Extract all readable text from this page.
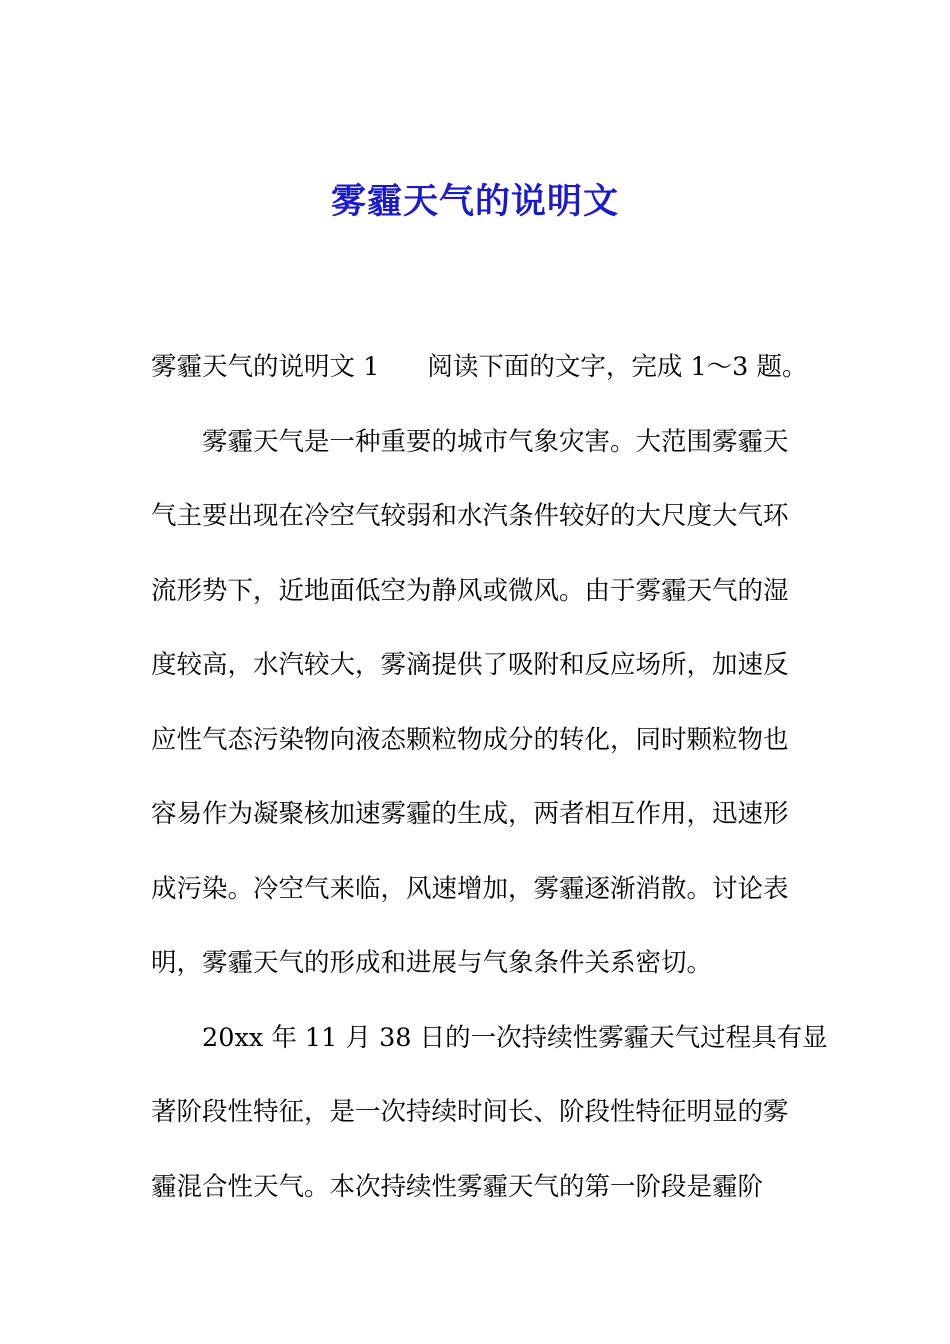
雾霾天气的说明文
雾霾天气的说明文 1 阅读下面的文字，完成 1～3 题。
雾霾天气是一种重要的城市气象灾害。大范围雾霾天
气主要出现在冷空气较弱和水汽条件较好的大尺度大气环
流形势下，近地面低空为静风或微风。由于雾霾天气的湿
度较高，水汽较大，雾滴提供了吸附和反应场所，加速反
应性气态污染物向液态颗粒物成分的转化，同时颗粒物也
容易作为凝聚核加速雾霾的生成，两者相互作用，迅速形
成污染。冷空气来临，风速增加，雾霾逐渐消散。讨论表
明，雾霾天气的形成和进展与气象条件关系密切。
20xx 年 11 月 38 日的一次持续性雾霾天气过程具有显
著阶段性特征，是一次持续时间长、阶段性特征明显的雾
霾混合性天气。本次持续性雾霾天气的第一阶段是霾阶
